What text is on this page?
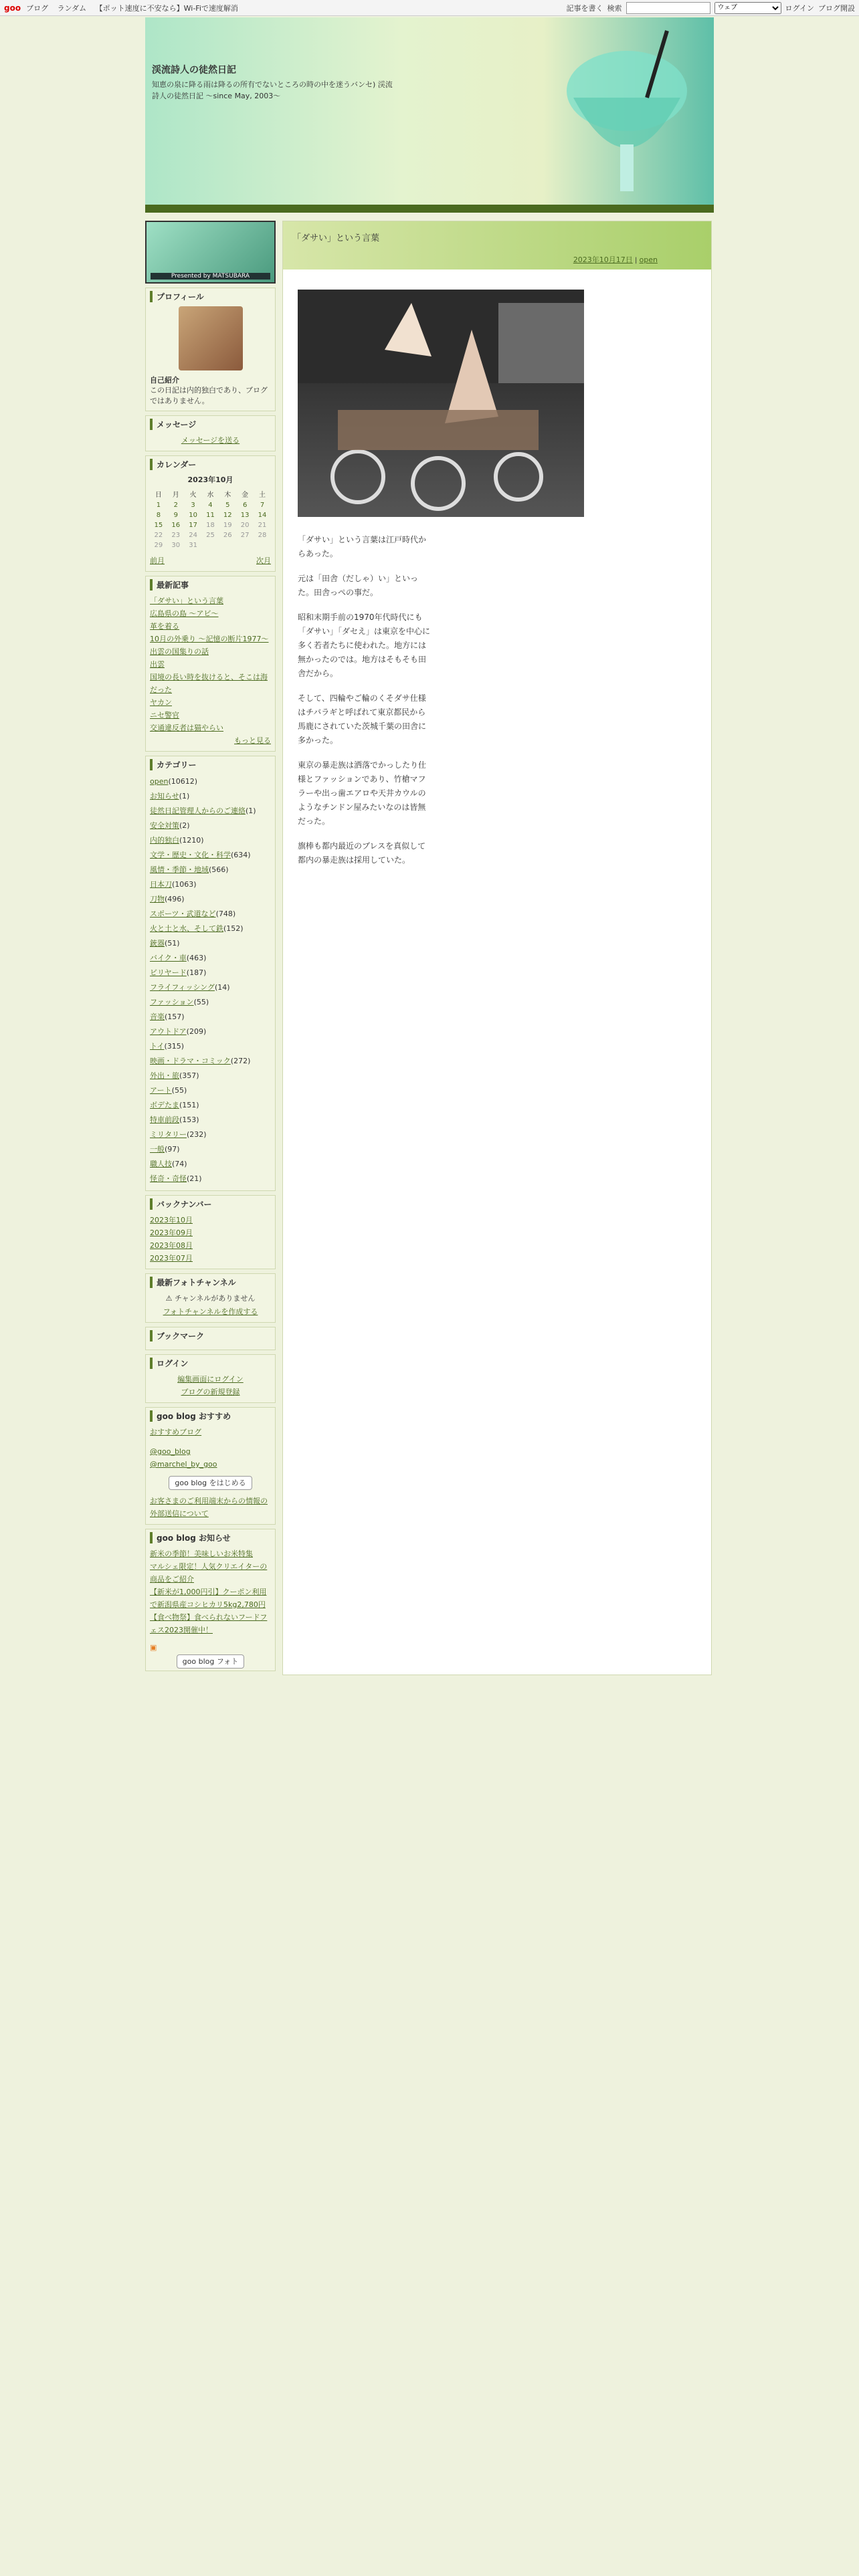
goo ブログ ランダム 【ポット速度に不安なら】Wi-Fiで速度解消	記事を書く 検索
ウェブ	ログイン ブログ開設
渓流詩人の徒然日記
知恵の泉に降る雨は降るの所有でないところの時の中を迷うバンセ) 渓流詩人の徒然日記 〜since May, 2003〜
Presented by MATSUBARA
プロフィール
自己紹介
この日記は内的独白であり、ブログではありません。
メッセージ
メッセージを送る
カレンダー
2023年10月
日	月	火	水	木	金	土
1	2	3	4	5	6	7
8	9	10	11	12	13	14
15	16	17	18	19	20	21
22	23	24	25	26	27	28
29	30	31				
前月	次月
最新記事
「ダサい」という言葉
広島県の島 〜アビ〜
革を着る
10月の外乗り 〜記憶の断片1977〜
出雲の国集りの話
出雲
国境の長い時を抜けると、そこは海だった
ヤカン
ニセ警官
交通違反者は猫やらい
もっと見る
カテゴリー
open(10612)
お知らせ(1)
徒然日記管理人からのご連絡(1)
安全対策(2)
内的独白(1210)
文学・歴史・文化・科学(634)
風情・季節・地域(566)
日本刀(1063)
刀物(496)
スポーツ・武道など(748)
火と土と水、そして鉄(152)
銃器(51)
バイク・車(463)
ビリヤード(187)
フライフィッシング(14)
ファッション(55)
音楽(157)
アウトドア(209)
トイ(315)
映画・ドラマ・コミック(272)
外出・旅(357)
アート(55)
ボデたま(151)
特車前段(153)
ミリタリー(232)
一般(97)
職人技(74)
怪奇・奇怪(21)
バックナンバー
2023年10月
2023年09月
2023年08月
2023年07月
最新フォトチャンネル
⚠ チャンネルがありません
フォトチャンネルを作成する
ブックマーク
ログイン
編集画面にログイン
ブログの新規登録
goo blog おすすめ
おすすめブログ
@goo_blog
@marchel_by_goo
goo blog をはじめる
お客さまのご利用端末からの情報の外部送信について
goo blog お知らせ
新米の季節！美味しいお米特集
マルシェ限定！人気クリエイターの商品をご紹介
【新米が1,000円引】クーポン利用で新潟県産コシヒカリ5kg2,780円
【食べ物祭】食べられないフードフェス2023開催中！
▣
goo blog フォト
「ダサい」という言葉
2023年10月17日 | open

「ダサい」という言葉は江戸時代からあった。

元は「田舎（だしゃ）い」といった。田舎っぺの事だ。

昭和末期手前の1970年代時代にも「ダサい」「ダセえ」は東京を中心に多く若者たちに使われた。地方には無かったのでは。地方はそもそも田舎だから。

そして、四輪やご輪のくそダサ仕様はチバラギと呼ばれて東京都民から馬鹿にされていた茨城千葉の田舎に多かった。

東京の暴走族は洒落でかっしたり仕様とファッションであり、竹槍マフラーや出っ歯エアロや天井カウルのようなチンドン屋みたいなのは皆無だった。

旗棒も都内最近のブレスを真似して都内の暴走族は採用していた。
